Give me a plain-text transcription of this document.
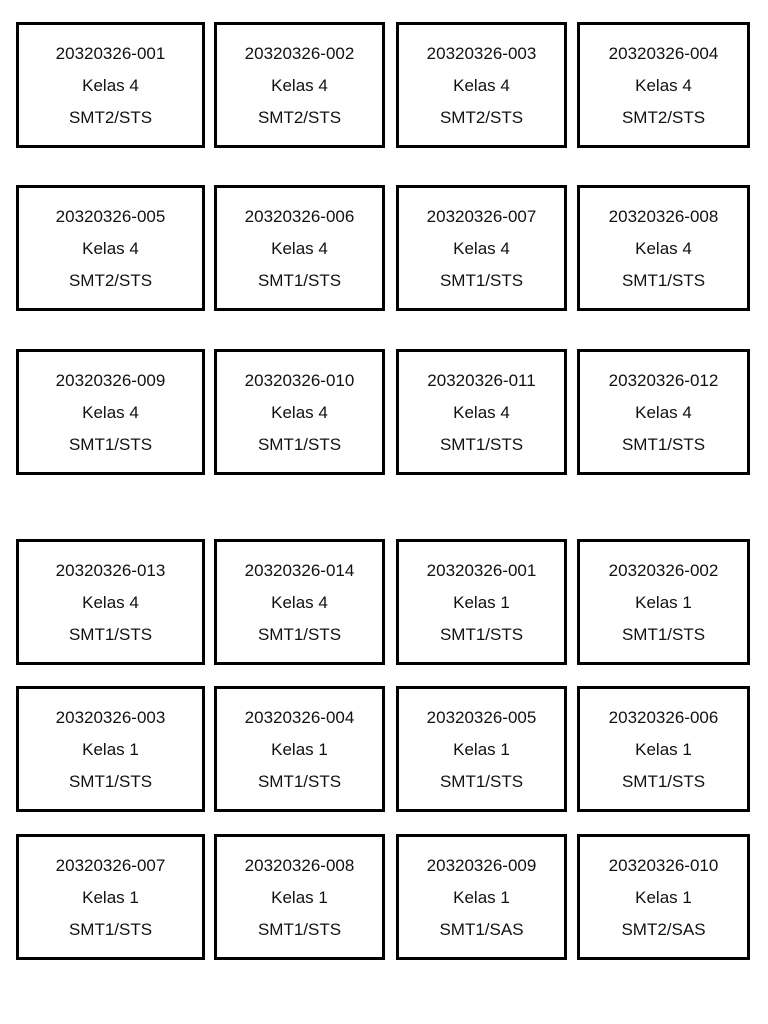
20320326-001
Kelas 4
SMT2/STS
20320326-002
Kelas 4
SMT2/STS
20320326-003
Kelas 4
SMT2/STS
20320326-004
Kelas 4
SMT2/STS
20320326-005
Kelas 4
SMT2/STS
20320326-006
Kelas 4
SMT1/STS
20320326-007
Kelas 4
SMT1/STS
20320326-008
Kelas 4
SMT1/STS
20320326-009
Kelas 4
SMT1/STS
20320326-010
Kelas 4
SMT1/STS
20320326-011
Kelas 4
SMT1/STS
20320326-012
Kelas 4
SMT1/STS
20320326-013
Kelas 4
SMT1/STS
20320326-014
Kelas 4
SMT1/STS
20320326-001
Kelas 1
SMT1/STS
20320326-002
Kelas 1
SMT1/STS
20320326-003
Kelas 1
SMT1/STS
20320326-004
Kelas 1
SMT1/STS
20320326-005
Kelas 1
SMT1/STS
20320326-006
Kelas 1
SMT1/STS
20320326-007
Kelas 1
SMT1/STS
20320326-008
Kelas 1
SMT1/STS
20320326-009
Kelas 1
SMT1/SAS
20320326-010
Kelas 1
SMT2/SAS
